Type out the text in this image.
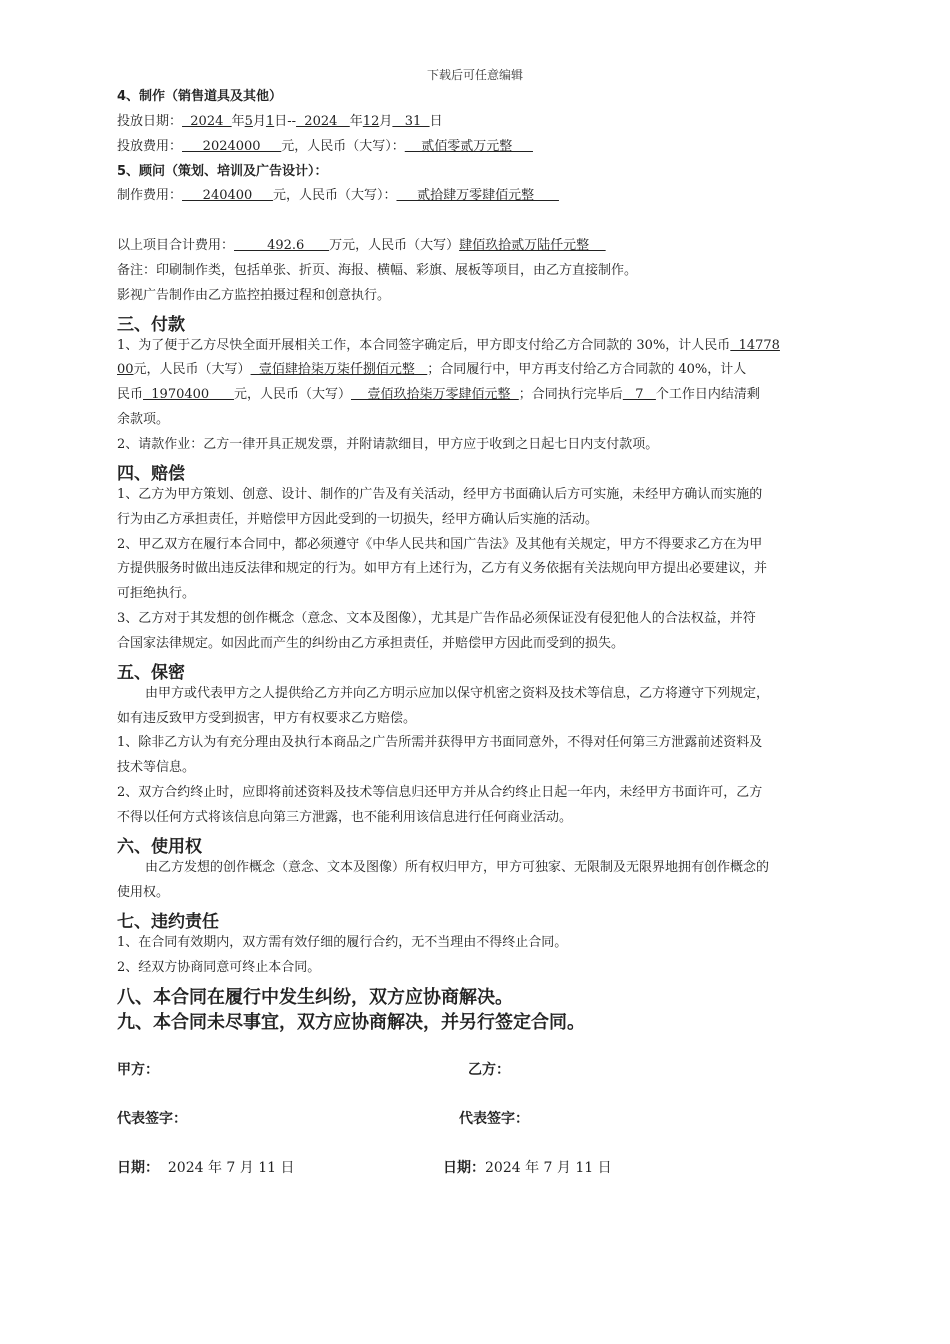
下载后可任意编辑
4、制作（销售道具及其他）
投放日期：  2024  年5月1日--  2024   年12月   31  日
投放费用：     2024000     元，人民币（大写）：    贰佰零贰万元整
5、顾问（策划、培训及广告设计）：
制作费用：     240400     元，人民币（大写）：     贰拾肆万零肆佰元整
以上项目合计费用：        492.6      万元，人民币（大写）肆佰玖拾贰万陆仟元整
备注：印刷制作类，包括单张、折页、海报、横幅、彩旗、展板等项目，由乙方直接制作。
影视广告制作由乙方监控拍摄过程和创意执行。
三、付款
1、为了便于乙方尽快全面开展相关工作，本合同签字确定后，甲方即支付给乙方合同款的 30%，计人民币  14778
00元，人民币（大写）  壹佰肆拾柒万柒仟捌佰元整   ；合同履行中，甲方再支付给乙方合同款的 40%，计人
民币  1970400      元，人民币（大写）    壹佰玖拾柒万零肆佰元整  ；合同执行完毕后   7   个工作日内结清剩
余款项。
2、请款作业：乙方一律开具正规发票，并附请款细目，甲方应于收到之日起七日内支付款项。
四、赔偿
1、乙方为甲方策划、创意、设计、制作的广告及有关活动，经甲方书面确认后方可实施，未经甲方确认而实施的
行为由乙方承担责任，并赔偿甲方因此受到的一切损失，经甲方确认后实施的活动。
2、甲乙双方在履行本合同中，都必须遵守《中华人民共和国广告法》及其他有关规定，甲方不得要求乙方在为甲
方提供服务时做出违反法律和规定的行为。如甲方有上述行为，乙方有义务依据有关法规向甲方提出必要建议，并
可拒绝执行。
3、乙方对于其发想的创作概念（意念、文本及图像），尤其是广告作品必须保证没有侵犯他人的合法权益，并符
合国家法律规定。如因此而产生的纠纷由乙方承担责任，并赔偿甲方因此而受到的损失。
五、保密
由甲方或代表甲方之人提供给乙方并向乙方明示应加以保守机密之资料及技术等信息，乙方将遵守下列规定，
如有违反致甲方受到损害，甲方有权要求乙方赔偿。
1、除非乙方认为有充分理由及执行本商品之广告所需并获得甲方书面同意外，不得对任何第三方泄露前述资料及
技术等信息。
2、双方合约终止时，应即将前述资料及技术等信息归还甲方并从合约终止日起一年内，未经甲方书面许可，乙方
不得以任何方式将该信息向第三方泄露，也不能利用该信息进行任何商业活动。
六、使用权
由乙方发想的创作概念（意念、文本及图像）所有权归甲方，甲方可独家、无限制及无限界地拥有创作概念的
使用权。
七、违约责任
1、在合同有效期内，双方需有效仔细的履行合约，无不当理由不得终止合同。
2、经双方协商同意可终止本合同。
八、本合同在履行中发生纠纷，双方应协商解决。
九、本合同未尽事宜，双方应协商解决，并另行签定合同。
甲方：	乙方：
代表签字：	代表签字：
日期：  2024 年 7 月 11 日	日期：2024 年 7 月 11 日
